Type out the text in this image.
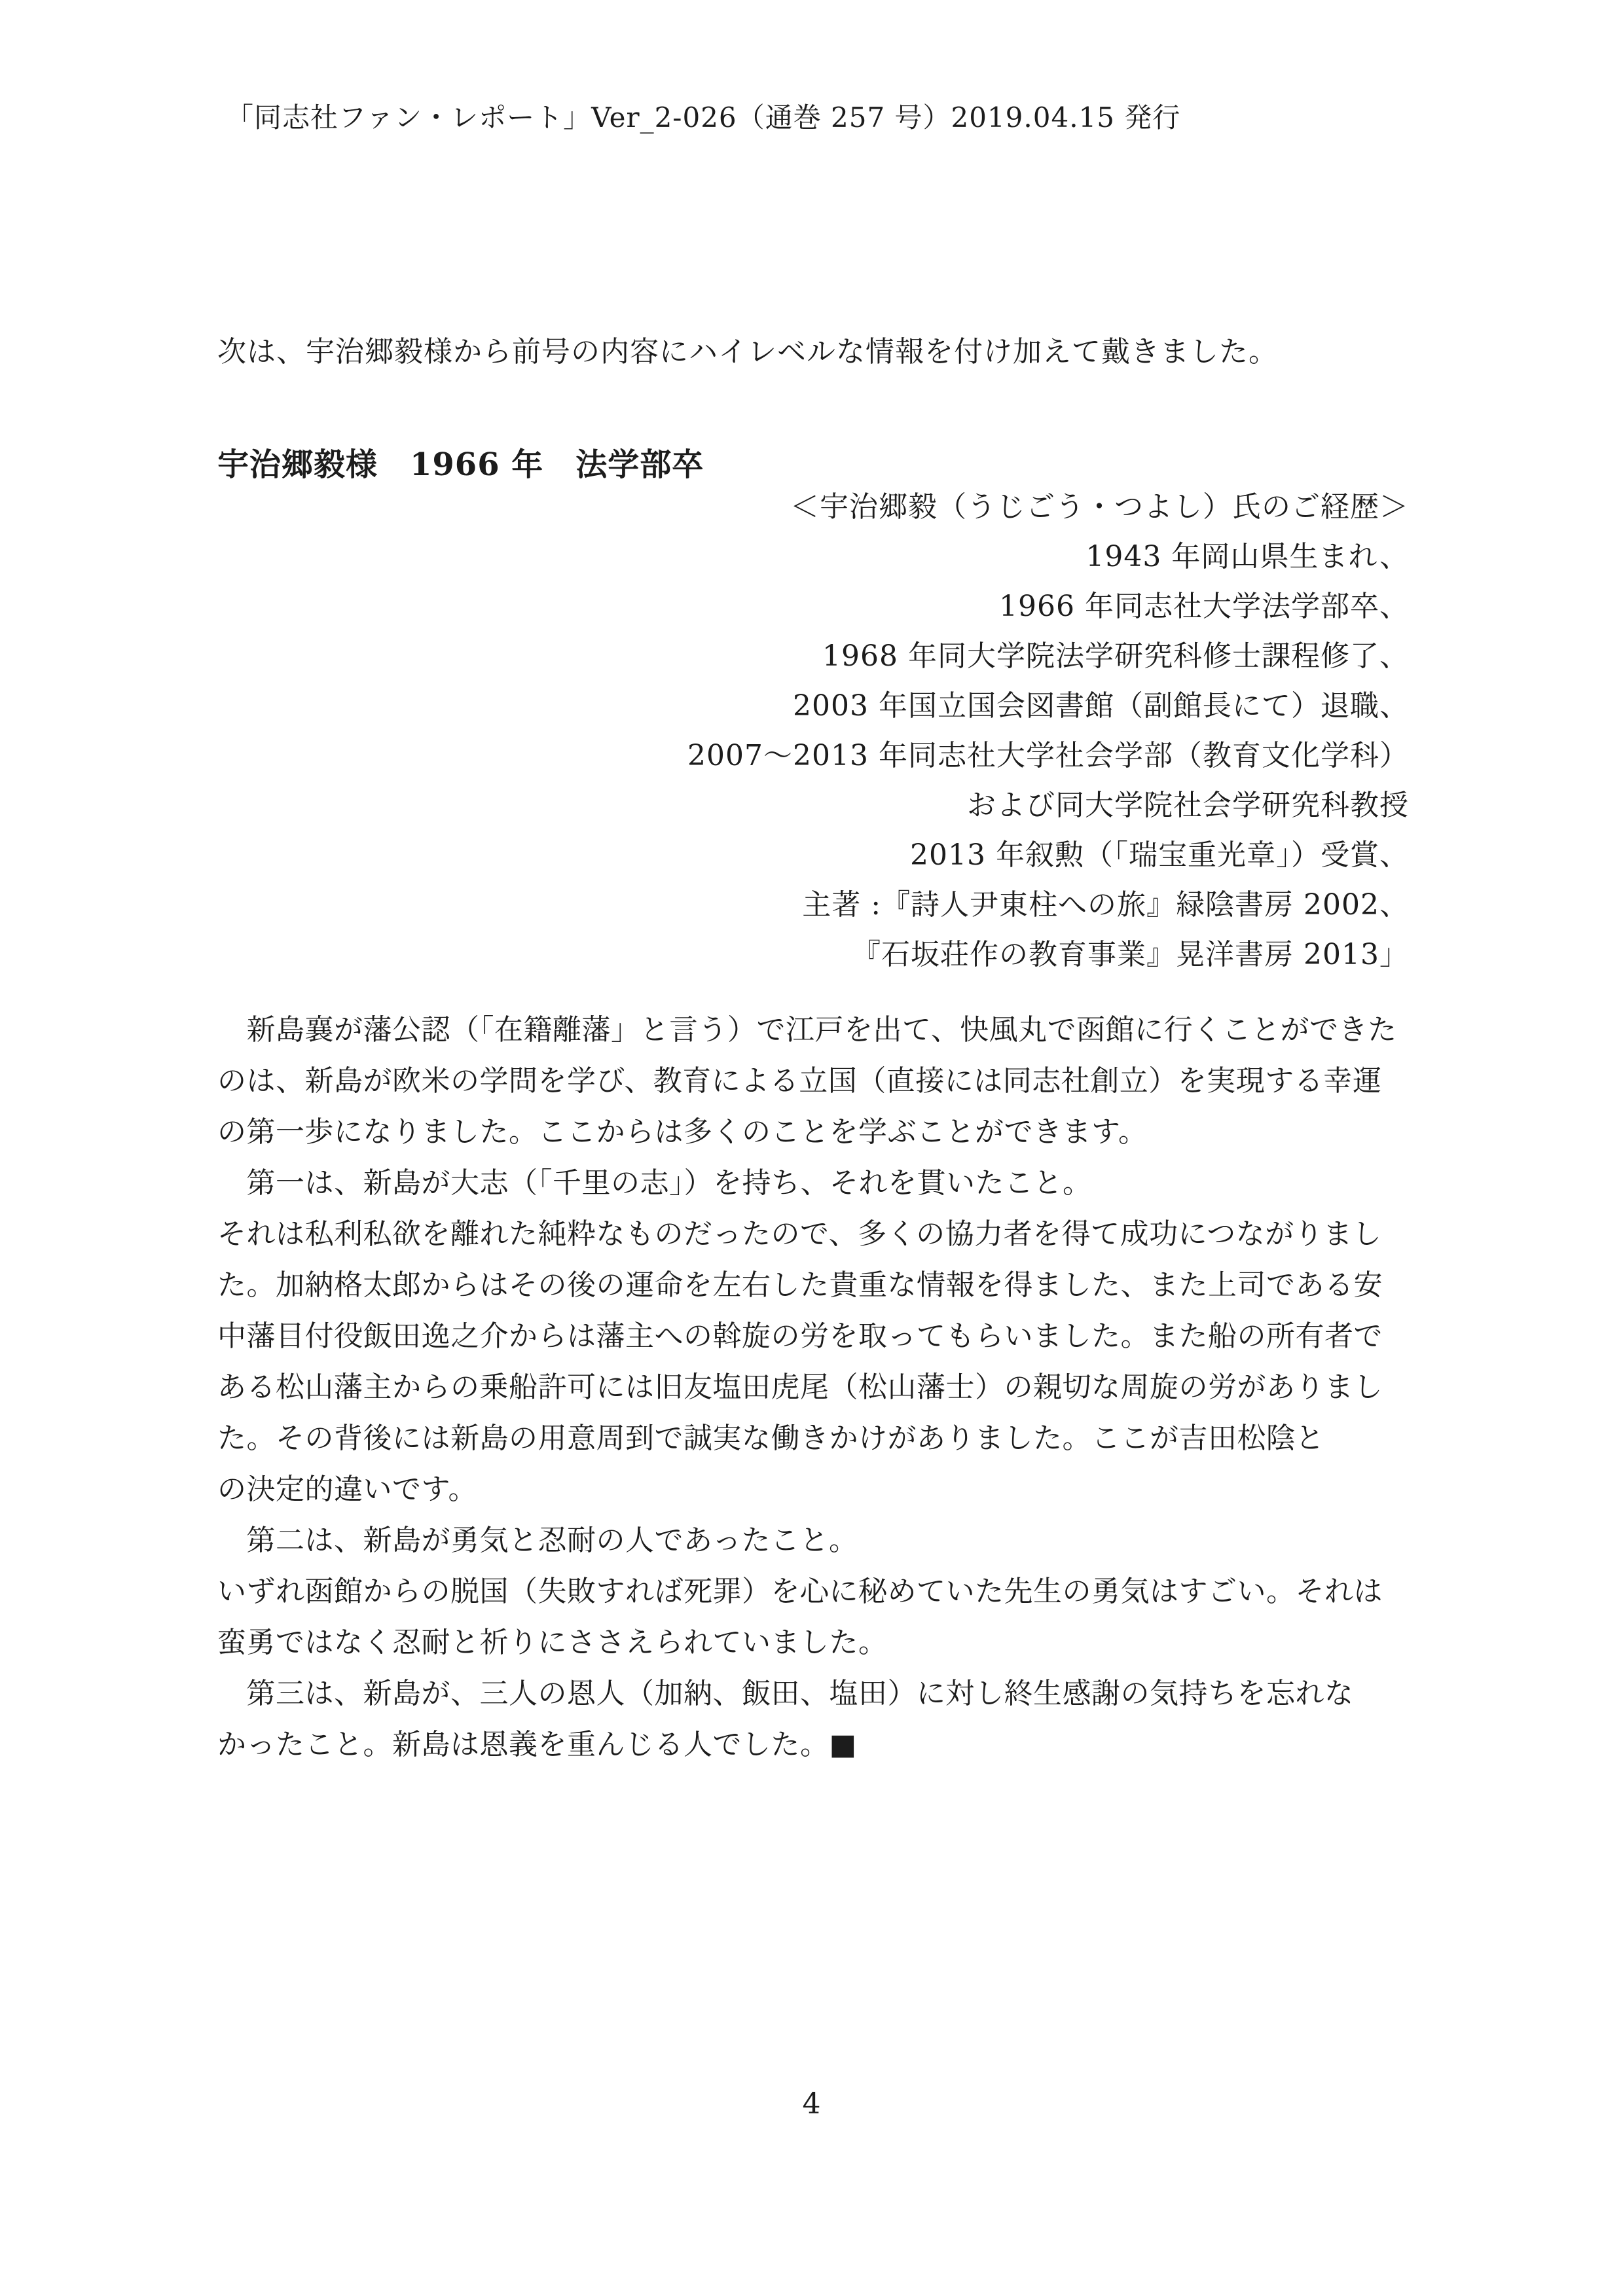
「同志社ファン・レポート」Ver_2-026（通巻 257 号）2019.04.15 発行
次は、宇治郷毅様から前号の内容にハイレベルな情報を付け加えて戴きました。
宇治郷毅様　1966 年　法学部卒
＜宇治郷毅（うじごう・つよし）氏のご経歴＞
1943 年岡山県生まれ、
1966 年同志社大学法学部卒、
1968 年同大学院法学研究科修士課程修了、
2003 年国立国会図書館（副館長にて）退職、
2007～2013 年同志社大学社会学部（教育文化学科）
および同大学院社会学研究科教授
2013 年叙勲（「瑞宝重光章」）受賞、
主著 :『詩人尹東柱への旅』緑陰書房 2002、
『石坂荘作の教育事業』晃洋書房 2013」
　新島襄が藩公認（「在籍離藩」と言う）で江戸を出て、快風丸で函館に行くことができた
のは、新島が欧米の学問を学び、教育による立国（直接には同志社創立）を実現する幸運
の第一歩になりました。ここからは多くのことを学ぶことができます。
　第一は、新島が大志（「千里の志」）を持ち、それを貫いたこと。
それは私利私欲を離れた純粋なものだったので、多くの協力者を得て成功につながりまし
た。加納格太郎からはその後の運命を左右した貴重な情報を得ました、また上司である安
中藩目付役飯田逸之介からは藩主への斡旋の労を取ってもらいました。また船の所有者で
ある松山藩主からの乗船許可には旧友塩田虎尾（松山藩士）の親切な周旋の労がありまし
た。その背後には新島の用意周到で誠実な働きかけがありました。ここが吉田松陰と
の決定的違いです。
　第二は、新島が勇気と忍耐の人であったこと。
いずれ函館からの脱国（失敗すれば死罪）を心に秘めていた先生の勇気はすごい。それは
蛮勇ではなく忍耐と祈りにささえられていました。
　第三は、新島が、三人の恩人（加納、飯田、塩田）に対し終生感謝の気持ちを忘れな
かったこと。新島は恩義を重んじる人でした。■
4
